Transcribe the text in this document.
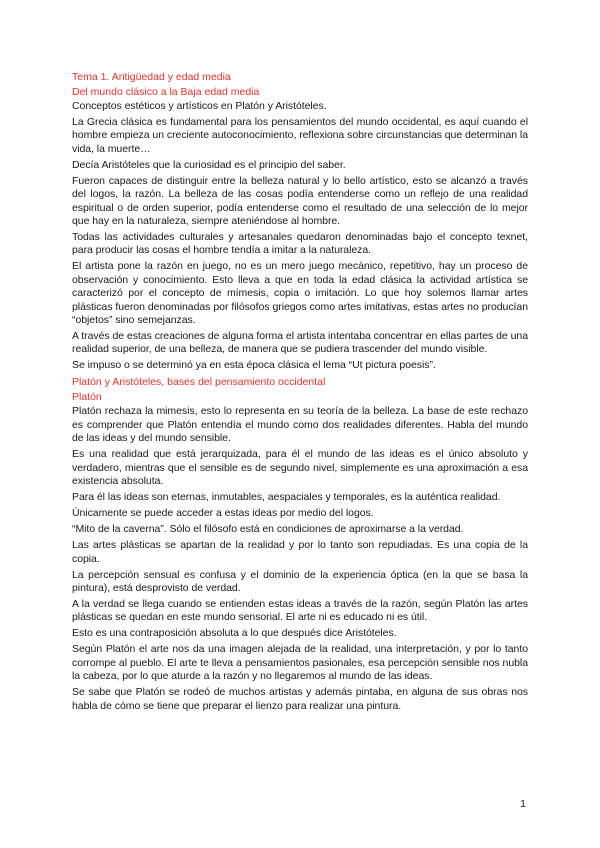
Tema 1. Antigüedad y edad media

Del mundo clásico a la Baja edad media

Conceptos estéticos y artísticos en Platón y Aristóteles.

La Grecia clásica es fundamental para los pensamientos del mundo occidental, es aquí cuando el hombre empieza un creciente autoconocimiento, reflexiona sobre circunstancias que determinan la vida, la muerte…

Decía Aristóteles que la curiosidad es el principio del saber.

Fueron capaces de distinguir entre la belleza natural y lo bello artístico, esto se alcanzó a través del logos, la razón. La belleza de las cosas podía entenderse como un reflejo de una realidad espiritual o de orden superior, podía entenderse como el resultado de una selección de lo mejor que hay en la naturaleza, siempre ateniéndose al hombre.

Todas las actividades culturales y artesanales quedaron denominadas bajo el concepto texnet, para producir las cosas el hombre tendía a imitar a la naturaleza.

El artista pone la razón en juego, no es un mero juego mecánico, repetitivo, hay un proceso de observación y conocimiento. Esto lleva a que en toda la edad clásica la actividad artística se caracterizó por el concepto de mímesis, copia o imitación. Lo que hoy solemos llamar artes plásticas fueron denominadas por filósofos griegos como artes imitativas, estas artes no producían “objetos” sino semejanzas.

A través de estas creaciones de alguna forma el artista intentaba concentrar en ellas partes de una realidad superior, de una belleza, de manera que se pudiera trascender del mundo visible.

Se impuso o se determinó ya en esta época clásica el lema “Ut pictura poesis”.

Platón y Aristóteles, bases del pensamiento occidental

Platón

Platón rechaza la mimesis, esto lo representa en su teoría de la belleza. La base de este rechazo es comprender que Platón entendía el mundo como dos realidades diferentes. Habla del mundo de las ideas y del mundo sensible.

Es una realidad que está jerarquizada, para él el mundo de las ideas es el único absoluto y verdadero, mientras que el sensible es de segundo nivel, simplemente es una aproximación a esa existencia absoluta.

Para él las ideas son eternas, inmutables, aespaciales y temporales, es la auténtica realidad.

Únicamente se puede acceder a estas ideas por medio del logos.

“Mito de la caverna”. Sólo el filósofo está en condiciones de aproximarse a la verdad.

Las artes plásticas se apartan de la realidad y por lo tanto son repudiadas. Es una copia de la copia.

La percepción sensual es confusa y el dominio de la experiencia óptica (en la que se basa la pintura), está desprovisto de verdad.

A la verdad se llega cuando se entienden estas ideas a través de la razón, según Platón las artes plásticas se quedan en este mundo sensorial. El arte ni es educado ni es útil.

Esto es una contraposición absoluta a lo que después dice Aristóteles.

Según Platón el arte nos da una imagen alejada de la realidad, una interpretación, y por lo tanto corrompe al pueblo. El arte te lleva a pensamientos pasionales, esa percepción sensible nos nubla la cabeza, por lo que aturde a la razón y no llegaremos al mundo de las ideas.

Se sabe que Platón se rodeó de muchos artistas y además pintaba, en alguna de sus obras nos habla de cómo se tiene que preparar el lienzo para realizar una pintura.

1
